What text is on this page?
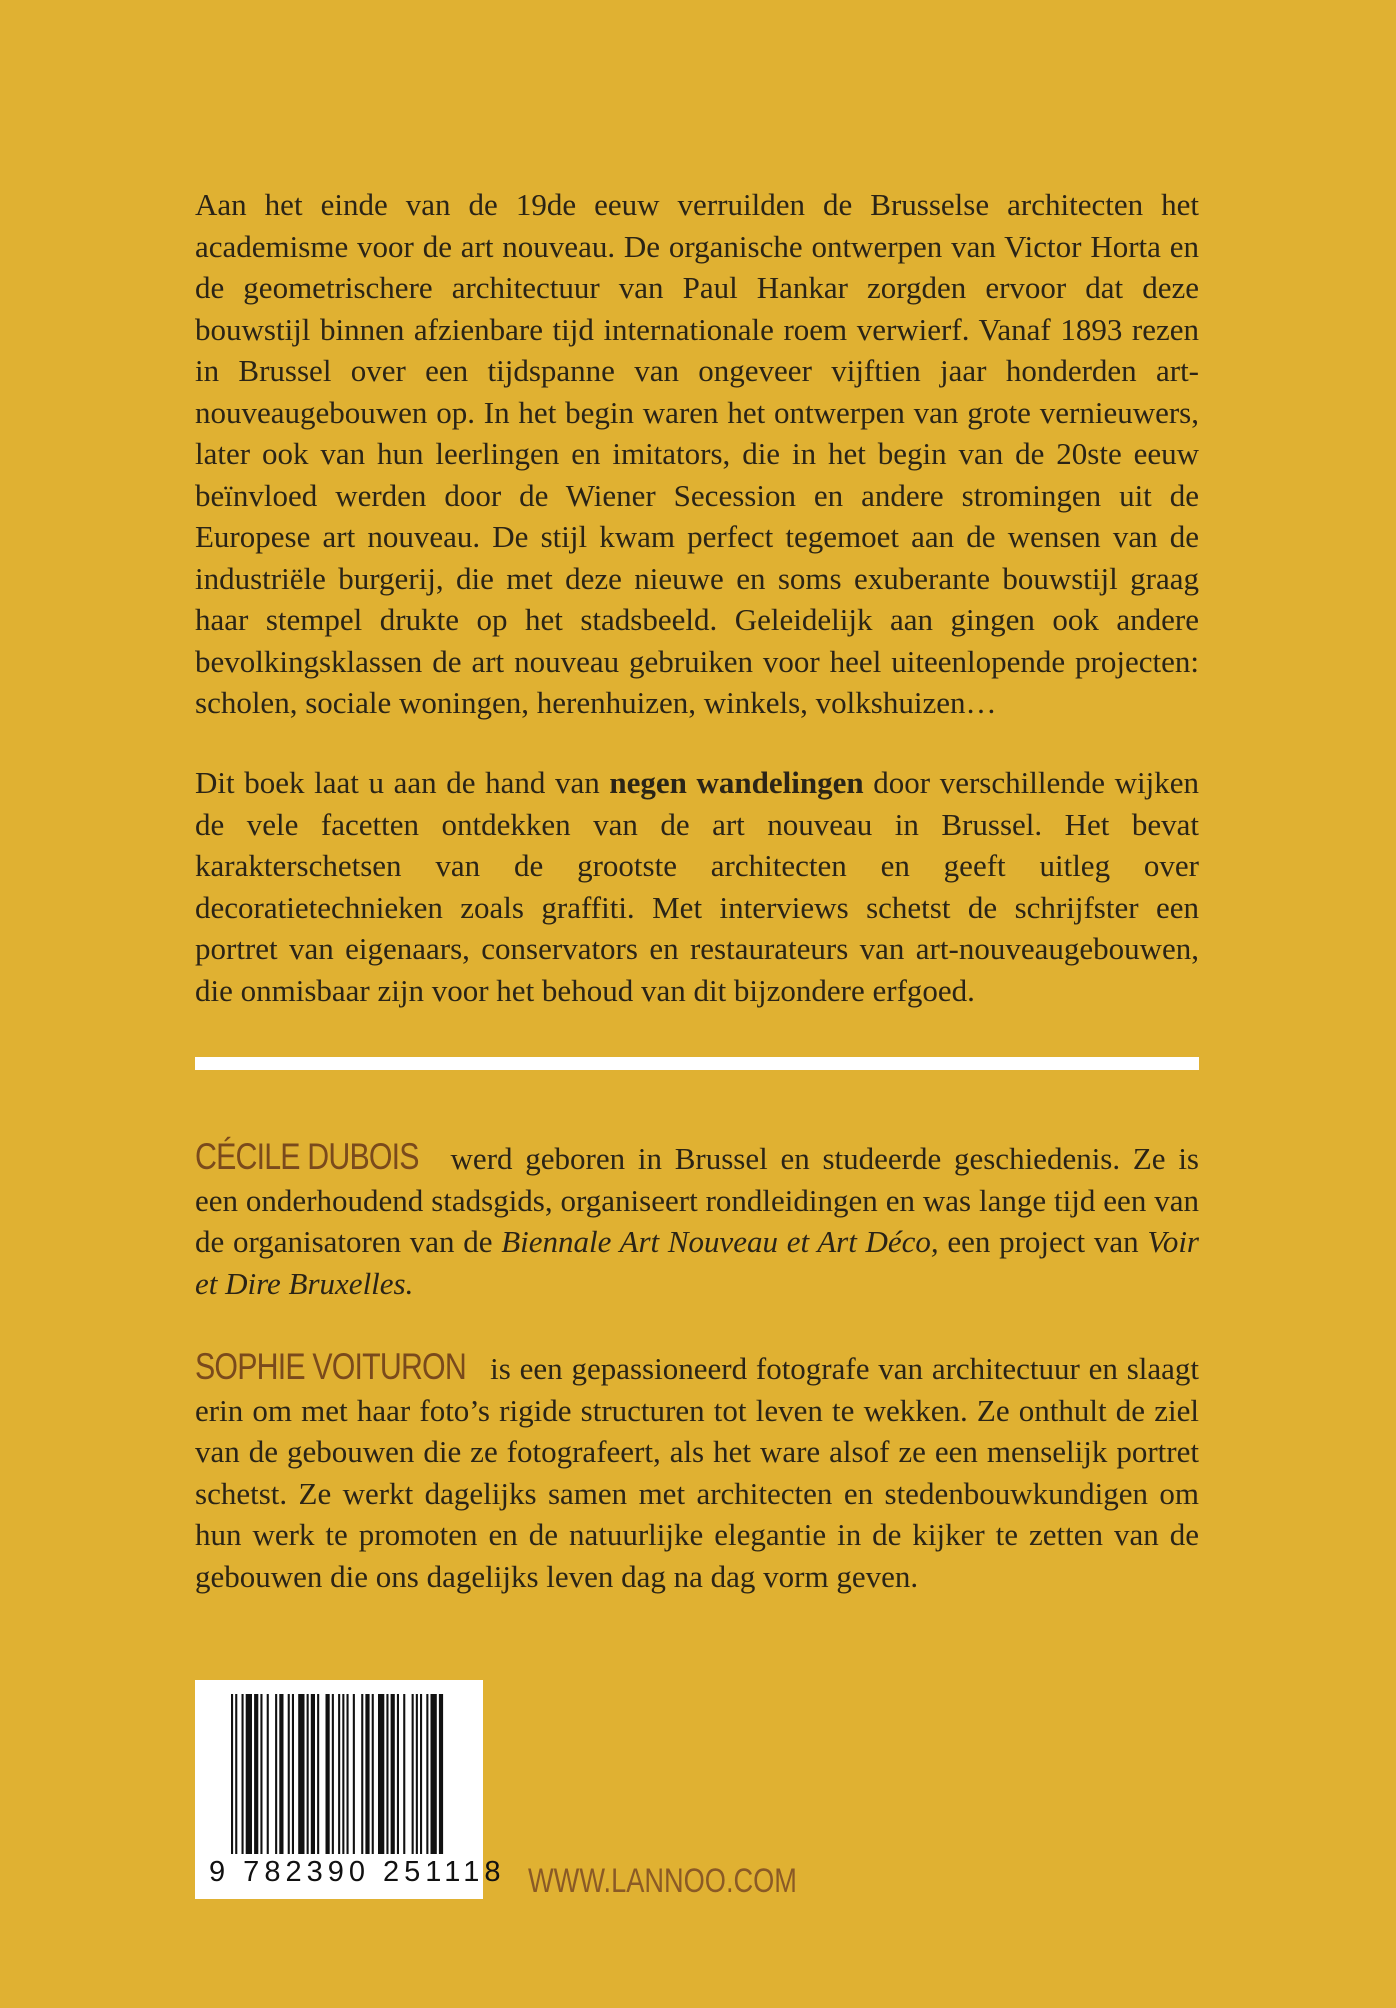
Aan het einde van de 19de eeuw verruilden de Brusselse architecten het academisme voor de art nouveau. De organische ontwerpen van Victor Horta en de geometrischere architectuur van Paul Hankar zorgden ervoor dat deze bouwstijl binnen afzienbare tijd internationale roem verwierf. Vanaf 1893 rezen in Brussel over een tijdspanne van ongeveer vijftien jaar honderden art-nouveaugebouwen op. In het begin waren het ontwerpen van grote vernieuwers, later ook van hun leerlingen en imitators, die in het begin van de 20ste eeuw beïnvloed werden door de Wiener Secession en andere stromingen uit de Europese art nouveau. De stijl kwam perfect tegemoet aan de wensen van de industriële burgerij, die met deze nieuwe en soms exuberante bouwstijl graag haar stempel drukte op het stadsbeeld. Geleidelijk aan gingen ook andere bevolkingsklassen de art nouveau gebruiken voor heel uiteenlopende projecten: scholen, sociale woningen, herenhuizen, winkels, volkshuizen…

Dit boek laat u aan de hand van negen wandelingen door verschillende wijken de vele facetten ontdekken van de art nouveau in Brussel. Het bevat karakterschetsen van de grootste architecten en geeft uitleg over decoratietechnieken zoals graffiti. Met interviews schetst de schrijfster een portret van eigenaars, conservators en restaurateurs van art-nouveaugebouwen, die onmisbaar zijn voor het behoud van dit bijzondere erfgoed.

CÉCILE DUBOIS werd geboren in Brussel en studeerde geschiedenis. Ze is een onderhoudend stadsgids, organiseert rondleidingen en was lange tijd een van de organisatoren van de Biennale Art Nouveau et Art Déco, een project van Voir et Dire Bruxelles.

SOPHIE VOITURON is een gepassioneerd fotografe van architectuur en slaagt erin om met haar foto’s rigide structuren tot leven te wekken. Ze onthult de ziel van de gebouwen die ze fotografeert, als het ware alsof ze een menselijk portret schetst. Ze werkt dagelijks samen met architecten en stedenbouwkundigen om hun werk te promoten en de natuurlijke elegantie in de kijker te zetten van de gebouwen die ons dagelijks leven dag na dag vorm geven.

9 782390 251118 WWW.LANNOO.COM
